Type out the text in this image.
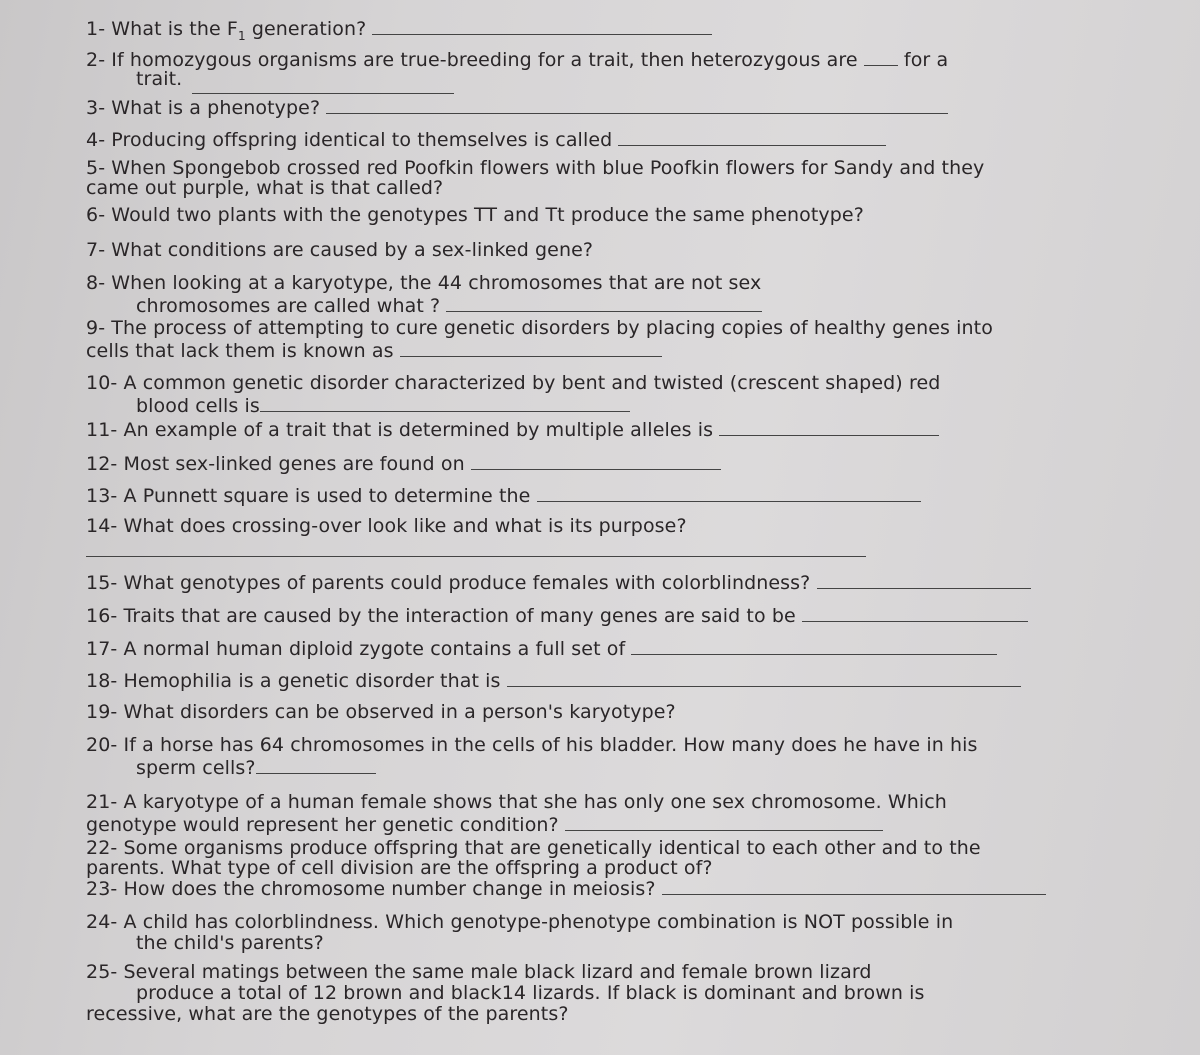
1- What is the $F_1$ generation?
2- If homozygous organisms are true-breeding for a trait, then heterozygous are for a
trait.
3- What is a phenotype?
4- Producing offspring identical to themselves is called
5- When Spongebob crossed red Poofkin flowers with blue Poofkin flowers for Sandy and they
came out purple, what is that called?
6- Would two plants with the genotypes TT and Tt produce the same phenotype?
7- What conditions are caused by a sex-linked gene?
8- When looking at a karyotype, the 44 chromosomes that are not sex
chromosomes are called what ?
9- The process of attempting to cure genetic disorders by placing copies of healthy genes into
cells that lack them is known as
10- A common genetic disorder characterized by bent and twisted (crescent shaped) red
blood cells is
11- An example of a trait that is determined by multiple alleles is
12- Most sex-linked genes are found on
13- A Punnett square is used to determine the
14- What does crossing-over look like and what is its purpose?
15- What genotypes of parents could produce females with colorblindness?
16- Traits that are caused by the interaction of many genes are said to be
17- A normal human diploid zygote contains a full set of
18- Hemophilia is a genetic disorder that is
19- What disorders can be observed in a person's karyotype?
20- If a horse has 64 chromosomes in the cells of his bladder. How many does he have in his
sperm cells?
21- A karyotype of a human female shows that she has only one sex chromosome. Which
genotype would represent her genetic condition?
22- Some organisms produce offspring that are genetically identical to each other and to the
parents. What type of cell division are the offspring a product of?
23- How does the chromosome number change in meiosis?
24- A child has colorblindness. Which genotype-phenotype combination is NOT possible in
the child's parents?
25- Several matings between the same male black lizard and female brown lizard
produce a total of 12 brown and black14 lizards. If black is dominant and brown is
recessive, what are the genotypes of the parents?
